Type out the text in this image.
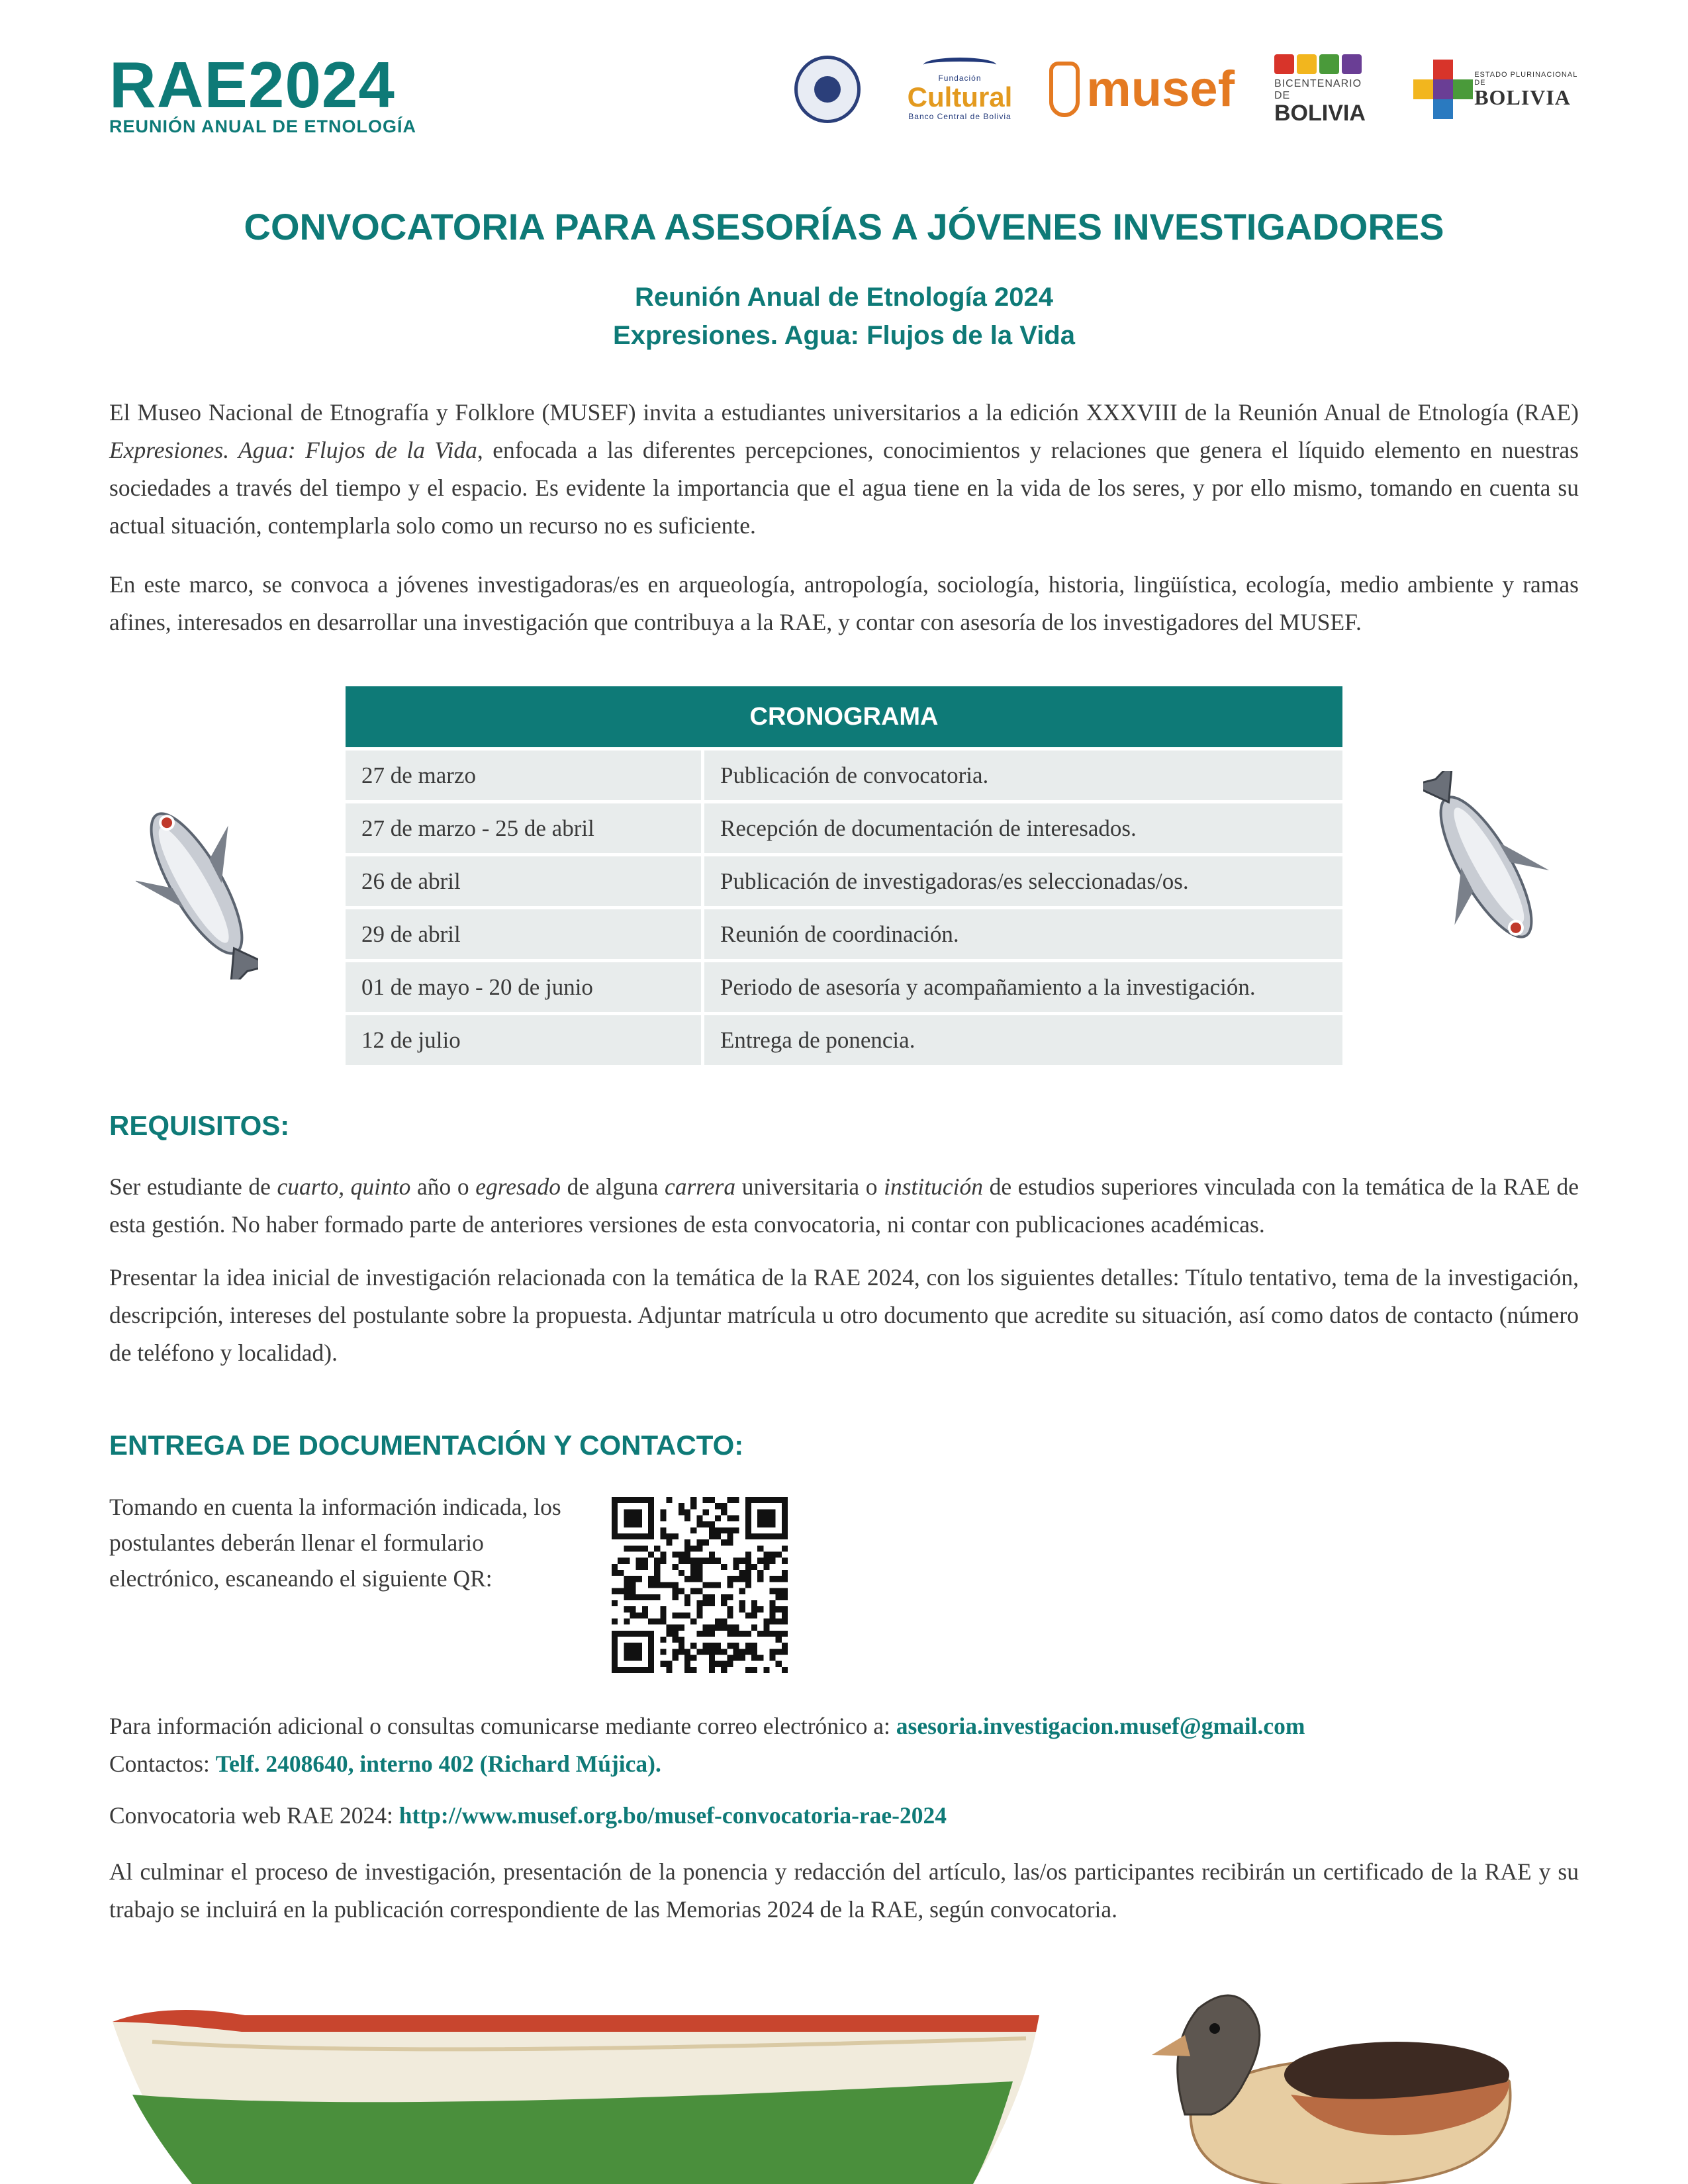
RAE2024
REUNIÓN ANUAL DE ETNOLOGÍA
Fundación
Cultural
Banco Central de Bolivia musef	BICENTENARIO DE
BOLIVIA
ESTADO PLURINACIONAL DE
BOLIVIA
CONVOCATORIA PARA ASESORÍAS A JÓVENES INVESTIGADORES
Reunión Anual de Etnología 2024
Expresiones. Agua: Flujos de la Vida
El Museo Nacional de Etnografía y Folklore (MUSEF) invita a estudiantes universitarios a la edición XXXVIII de la Reunión Anual de Etnología (RAE) Expresiones. Agua: Flujos de la Vida, enfocada a las diferentes percepciones, conocimientos y relaciones que genera el líquido elemento en nuestras sociedades a través del tiempo y el espacio. Es evidente la importancia que el agua tiene en la vida de los seres, y por ello mismo, tomando en cuenta su actual situación, contemplarla solo como un recurso no es suficiente.
En este marco, se convoca a jóvenes investigadoras/es en arqueología, antropología, sociología, historia, lingüística, ecología, medio ambiente y ramas afines, interesados en desarrollar una investigación que contribuya a la RAE, y contar con asesoría de los investigadores del MUSEF.
CRONOGRAMA
27 de marzo	Publicación de convocatoria.
27 de marzo - 25 de abril	Recepción de documentación de interesados.
26 de abril	Publicación de investigadoras/es seleccionadas/os.
29 de abril	Reunión de coordinación.
01 de mayo - 20 de junio	Periodo de asesoría y acompañamiento a la investigación.
12 de julio	Entrega de ponencia.
REQUISITOS:
Ser estudiante de cuarto, quinto año o egresado de alguna carrera universitaria o institución de estudios superiores vinculada con la temática de la RAE de esta gestión. No haber formado parte de anteriores versiones de esta convocatoria, ni contar con publicaciones académicas.
Presentar la idea inicial de investigación relacionada con la temática de la RAE 2024, con los siguientes detalles: Título tentativo, tema de la investigación, descripción, intereses del postulante sobre la propuesta. Adjuntar matrícula u otro documento que acredite su situación, así como datos de contacto (número de teléfono y localidad).
ENTREGA DE DOCUMENTACIÓN Y CONTACTO:
Tomando en cuenta la información indicada, los postulantes deberán llenar el formulario electrónico, escaneando el siguiente QR:
Para información adicional o consultas comunicarse mediante correo electrónico a: asesoria.investigacion.musef@gmail.com
Contactos: Telf. 2408640, interno 402 (Richard Mújica).
Convocatoria web RAE 2024: http://www.musef.org.bo/musef-convocatoria-rae-2024
Al culminar el proceso de investigación, presentación de la ponencia y redacción del artículo, las/os participantes recibirán un certificado de la RAE y su trabajo se incluirá en la publicación correspondiente de las Memorias 2024 de la RAE, según convocatoria.
